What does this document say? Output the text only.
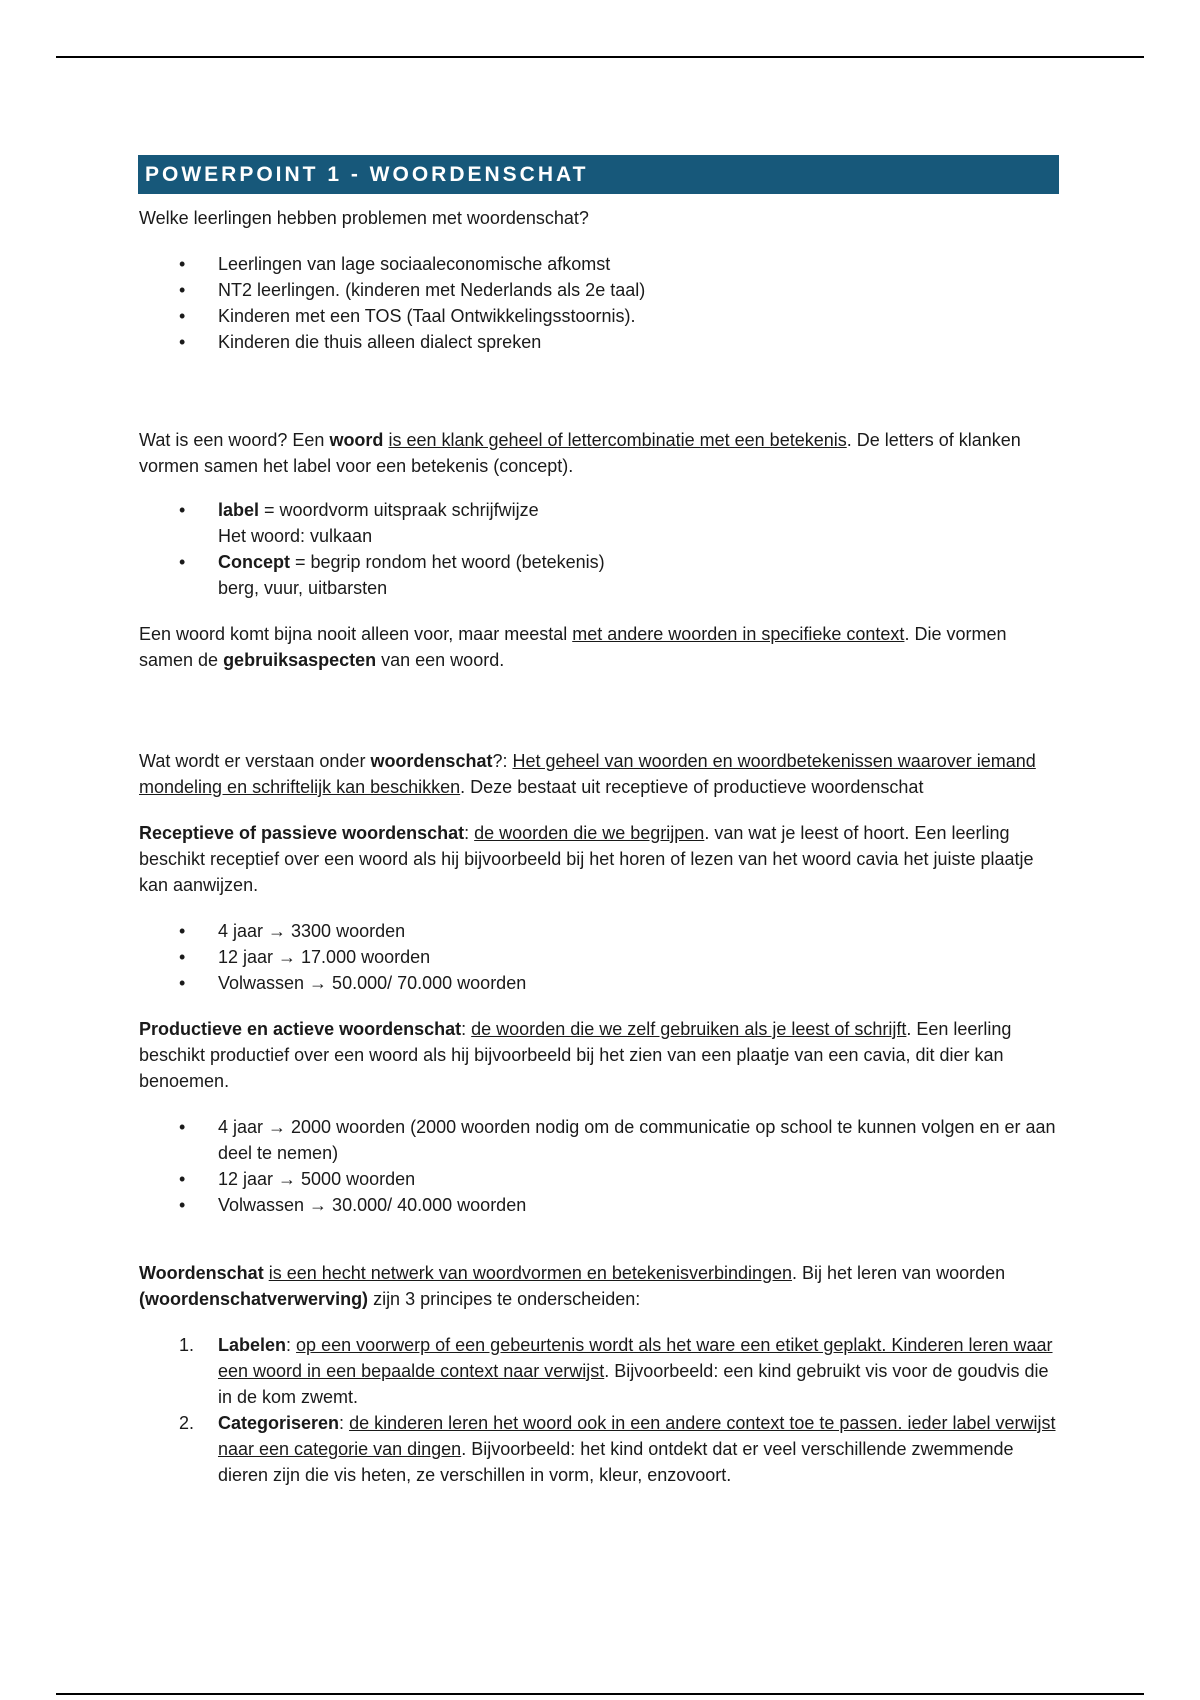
POWERPOINT 1 - WOORDENSCHAT

Welke leerlingen hebben problemen met woordenschat?

• Leerlingen van lage sociaaleconomische afkomst
• NT2 leerlingen. (kinderen met Nederlands als 2e taal)
• Kinderen met een TOS (Taal Ontwikkelingsstoornis).
• Kinderen die thuis alleen dialect spreken

Wat is een woord? Een woord is een klank geheel of lettercombinatie met een betekenis. De letters of klanken vormen samen het label voor een betekenis (concept).

• label = woordvorm uitspraak schrijfwijze
Het woord: vulkaan
• Concept = begrip rondom het woord (betekenis)
berg, vuur, uitbarsten

Een woord komt bijna nooit alleen voor, maar meestal met andere woorden in specifieke context. Die vormen samen de gebruiksaspecten van een woord.

Wat wordt er verstaan onder woordenschat?: Het geheel van woorden en woordbetekenissen waarover iemand mondeling en schriftelijk kan beschikken. Deze bestaat uit receptieve of productieve woordenschat

Receptieve of passieve woordenschat: de woorden die we begrijpen. van wat je leest of hoort. Een leerling beschikt receptief over een woord als hij bijvoorbeeld bij het horen of lezen van het woord cavia het juiste plaatje kan aanwijzen.

• 4 jaar → 3300 woorden
• 12 jaar → 17.000 woorden
• Volwassen → 50.000/ 70.000 woorden

Productieve en actieve woordenschat: de woorden die we zelf gebruiken als je leest of schrijft. Een leerling beschikt productief over een woord als hij bijvoorbeeld bij het zien van een plaatje van een cavia, dit dier kan benoemen.

• 4 jaar → 2000 woorden (2000 woorden nodig om de communicatie op school te kunnen volgen en er aan deel te nemen)
• 12 jaar → 5000 woorden
• Volwassen → 30.000/ 40.000 woorden

Woordenschat is een hecht netwerk van woordvormen en betekenisverbindingen. Bij het leren van woorden (woordenschatverwerving) zijn 3 principes te onderscheiden:

1. Labelen: op een voorwerp of een gebeurtenis wordt als het ware een etiket geplakt. Kinderen leren waar een woord in een bepaalde context naar verwijst. Bijvoorbeeld: een kind gebruikt vis voor de goudvis die in de kom zwemt.
2. Categoriseren: de kinderen leren het woord ook in een andere context toe te passen. ieder label verwijst naar een categorie van dingen. Bijvoorbeeld: het kind ontdekt dat er veel verschillende zwemmende dieren zijn die vis heten, ze verschillen in vorm, kleur, enzovoort.
